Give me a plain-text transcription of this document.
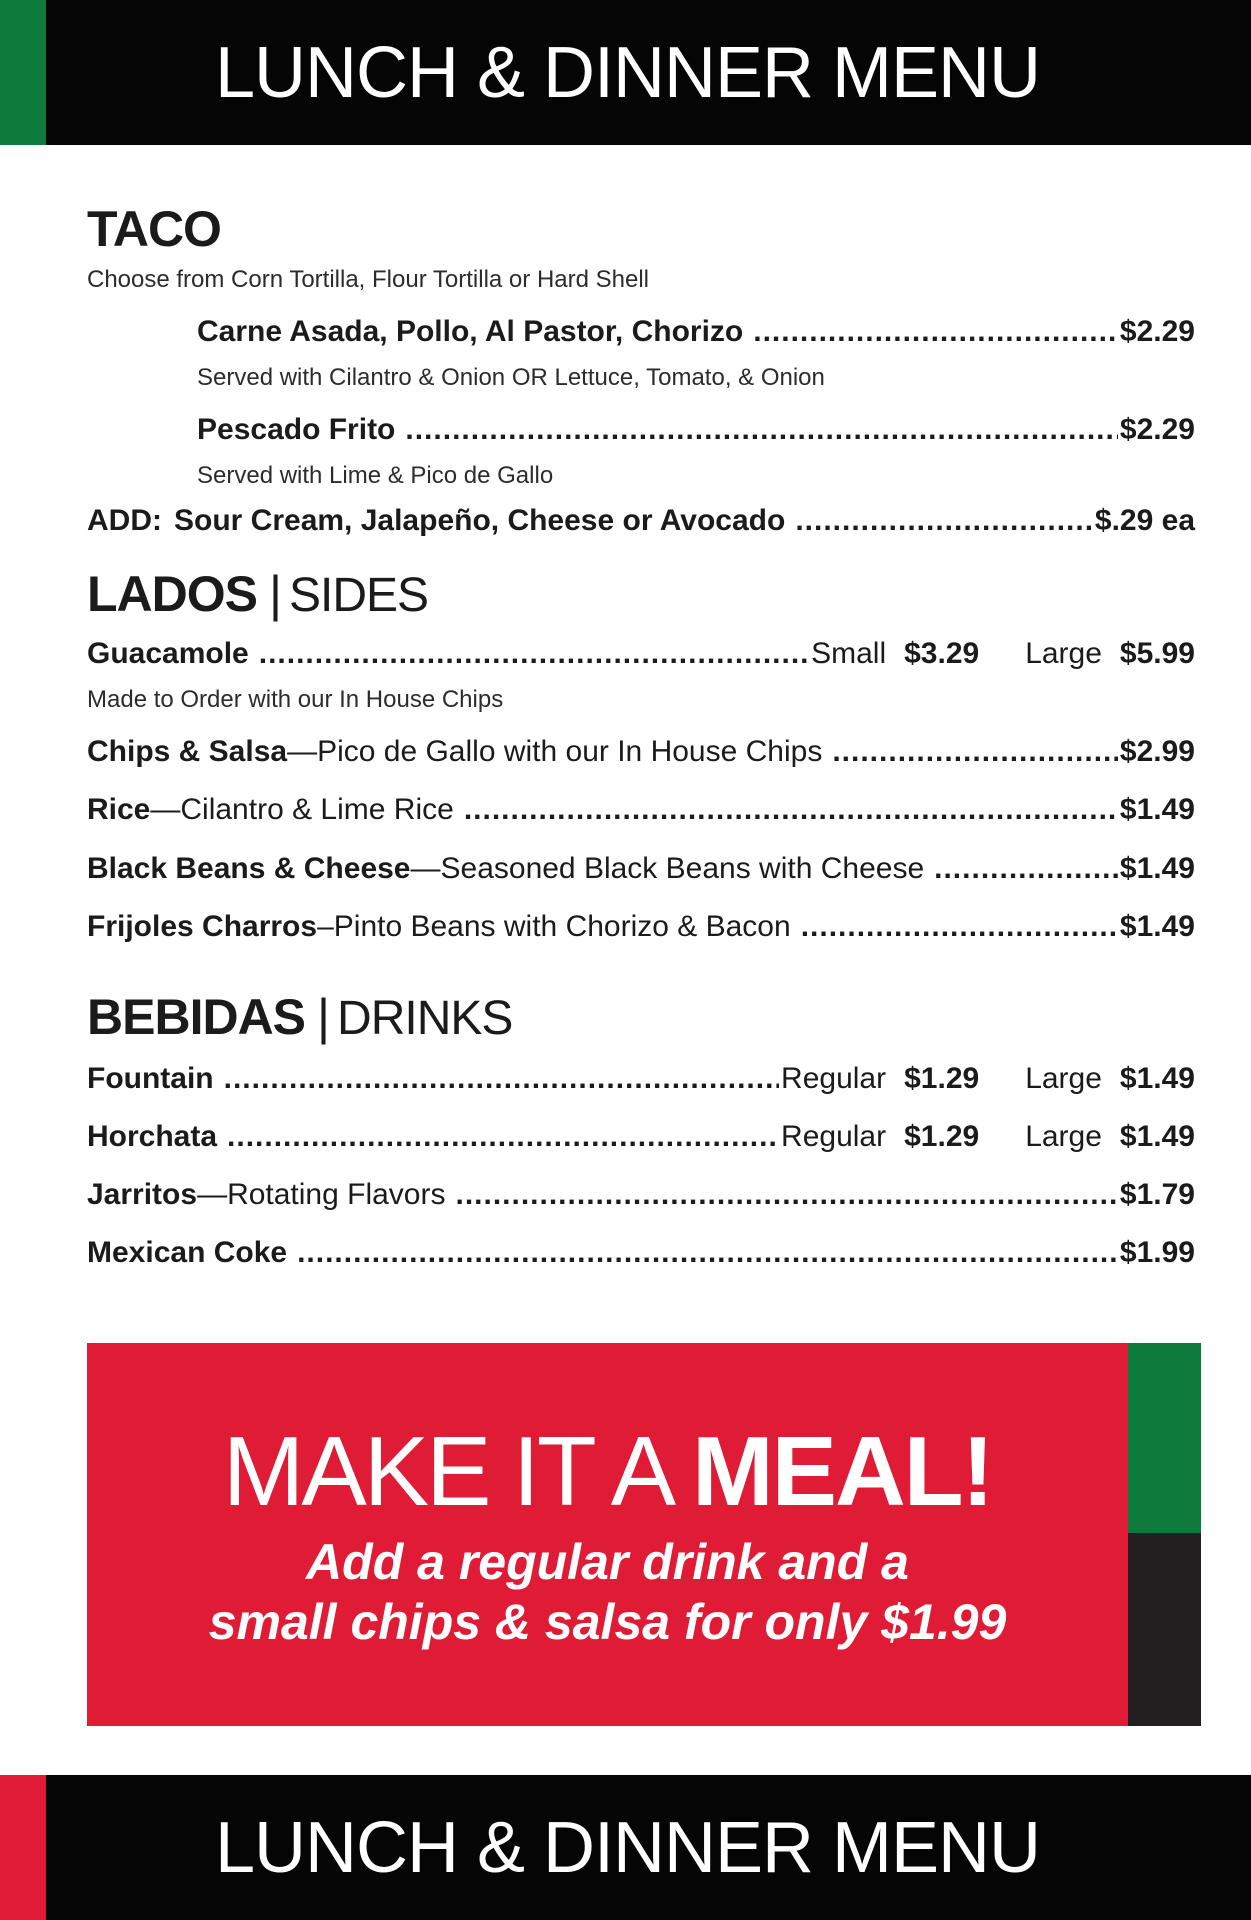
LUNCH & DINNER MENU
TACO
Choose from Corn Tortilla, Flour Tortilla or Hard Shell
Carne Asada, Pollo, Al Pastor, Chorizo .....	$2.29
Served with Cilantro & Onion OR Lettuce, Tomato, & Onion
Pescado Frito .....	$2.29
Served with Lime & Pico de Gallo
ADD: Sour Cream, Jalapeño, Cheese or Avocado .....	$.29 ea
LADOS | SIDES
Guacamole .....	Small $3.29 Large $5.99
Made to Order with our In House Chips
Chips & Salsa — Pico de Gallo with our In House Chips .....	$2.99
Rice — Cilantro & Lime Rice .....	$1.49
Black Beans & Cheese — Seasoned Black Beans with Cheese .....	$1.49
Frijoles Charros – Pinto Beans with Chorizo & Bacon .....	$1.49
BEBIDAS | DRINKS
Fountain .....	Regular $1.29 Large $1.49
Horchata .....	Regular $1.29 Large $1.49
Jarritos — Rotating Flavors .....	$1.79
Mexican Coke .....	$1.99
MAKE IT A MEAL!
Add a regular drink and a
small chips & salsa for only $1.99
LUNCH & DINNER MENU
